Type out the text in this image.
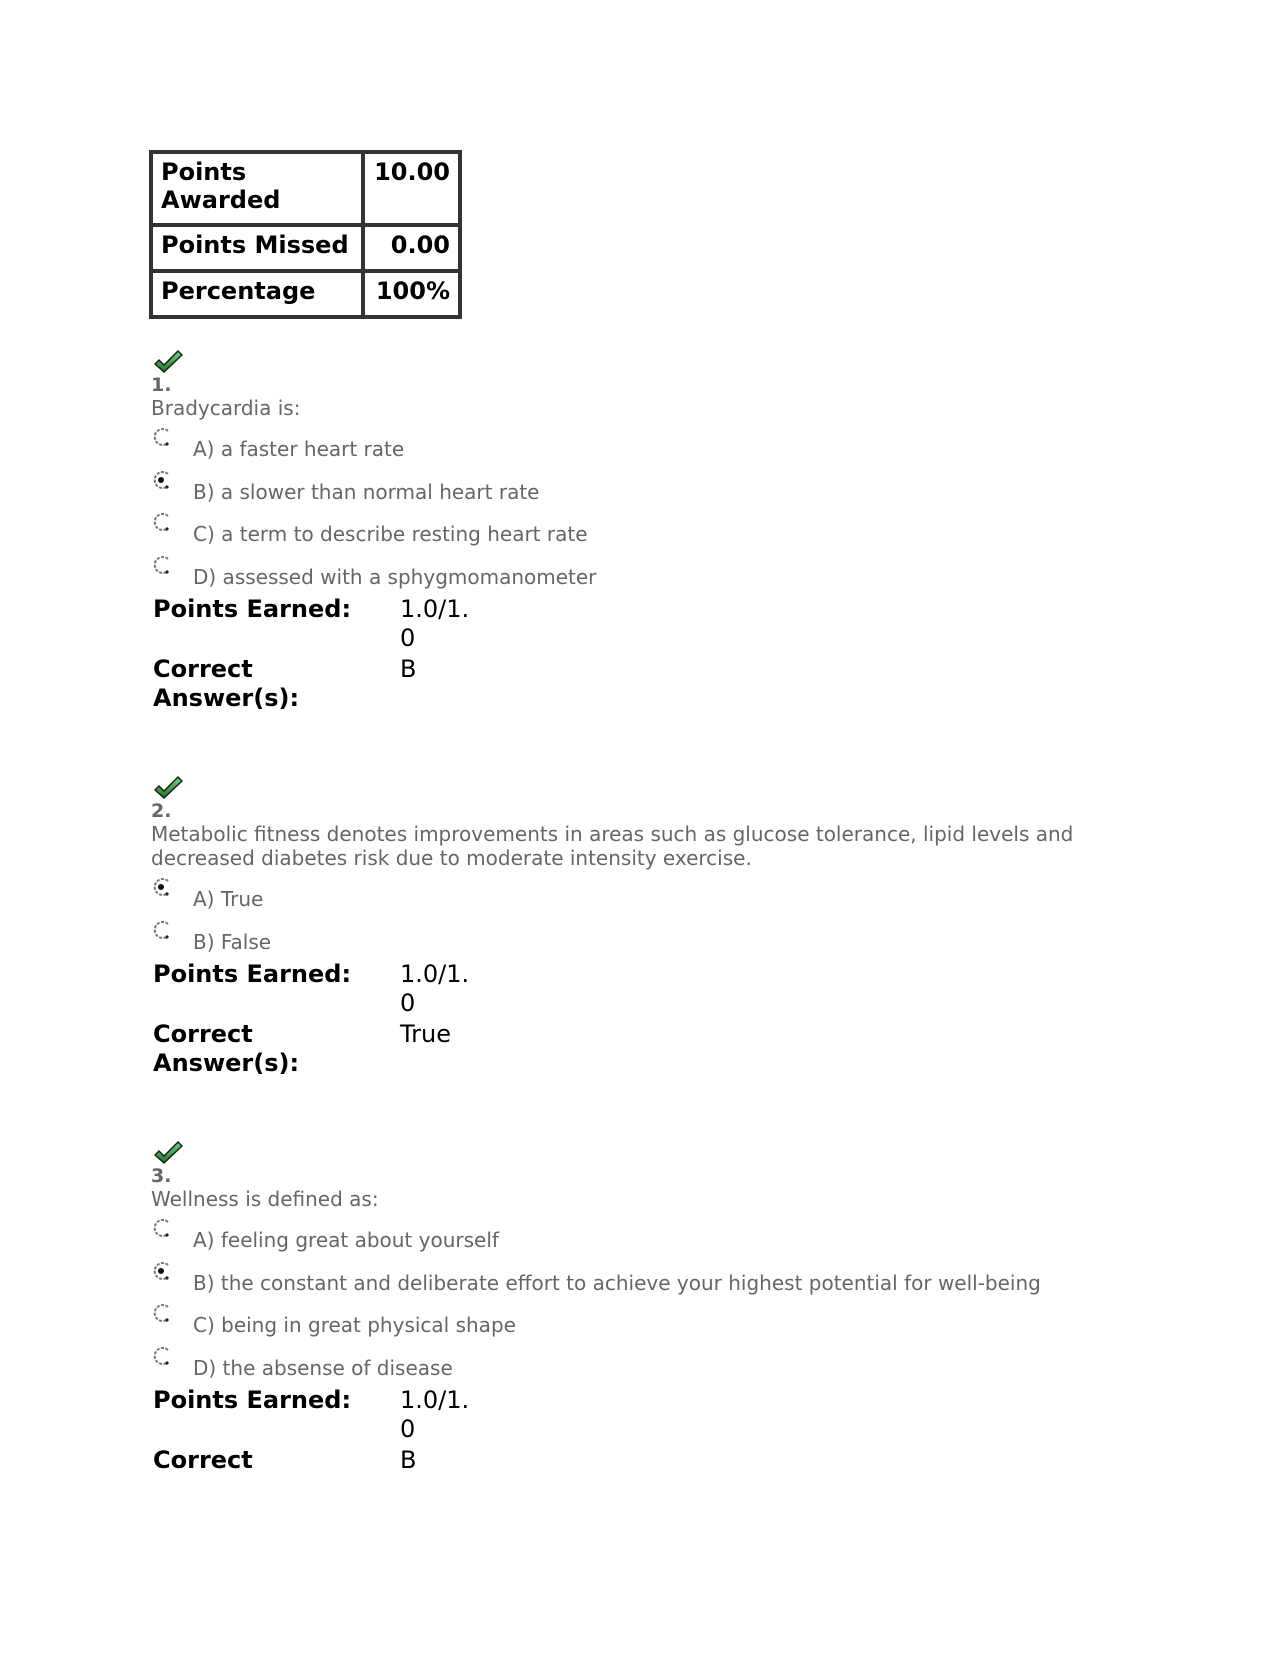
Points Awarded	10.00
Points Missed	0.00
Percentage	100%
1.
Bradycardia is:
A) a faster heart rate
B) a slower than normal heart rate
C) a term to describe resting heart rate
D) assessed with a sphygmomanometer
Points Earned:	1.0/1.0
Correct Answer(s):
B
2.
Metabolic fitness denotes improvements in areas such as glucose tolerance, lipid levels and decreased diabetes risk due to moderate intensity exercise.
A) True
B) False
Points Earned:	1.0/1.0
Correct Answer(s):
True
3.
Wellness is defined as:
A) feeling great about yourself
B) the constant and deliberate effort to achieve your highest potential for well-being
C) being in great physical shape
D) the absense of disease
Points Earned:	1.0/1.0
Correct	B
